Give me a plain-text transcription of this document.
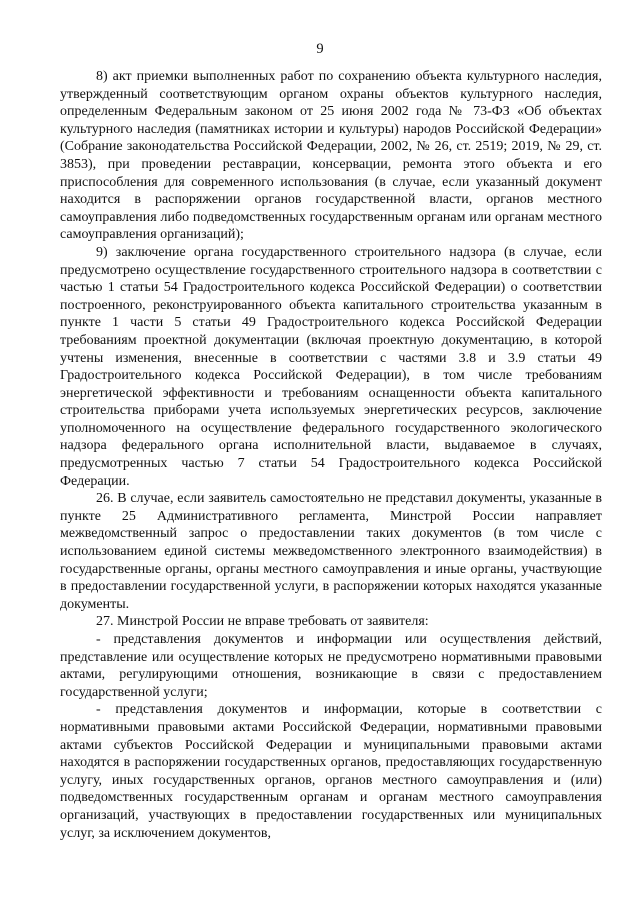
9

8) акт приемки выполненных работ по сохранению объекта культурного наследия, утвержденный соответствующим органом охраны объектов культурного наследия, определенным Федеральным законом от 25 июня 2002 года № 73-ФЗ «Об объектах культурного наследия (памятниках истории и культуры) народов Российской Федерации» (Собрание законодательства Российской Федерации, 2002, № 26, ст. 2519; 2019, № 29, ст. 3853), при проведении реставрации, консервации, ремонта этого объекта и его приспособления для современного использования (в случае, если указанный документ находится в распоряжении органов государственной власти, органов местного самоуправления либо подведомственных государственным органам или органам местного самоуправления организаций);

9) заключение органа государственного строительного надзора (в случае, если предусмотрено осуществление государственного строительного надзора в соответствии с частью 1 статьи 54 Градостроительного кодекса Российской Федерации) о соответствии построенного, реконструированного объекта капитального строительства указанным в пункте 1 части 5 статьи 49 Градостроительного кодекса Российской Федерации требованиям проектной документации (включая проектную документацию, в которой учтены изменения, внесенные в соответствии с частями 3.8 и 3.9 статьи 49 Градостроительного кодекса Российской Федерации), в том числе требованиям энергетической эффективности и требованиям оснащенности объекта капитального строительства приборами учета используемых энергетических ресурсов, заключение уполномоченного на осуществление федерального государственного экологического надзора федерального органа исполнительной власти, выдаваемое в случаях, предусмотренных частью 7 статьи 54 Градостроительного кодекса Российской Федерации.

26. В случае, если заявитель самостоятельно не представил документы, указанные в пункте 25 Административного регламента, Минстрой России направляет межведомственный запрос о предоставлении таких документов (в том числе с использованием единой системы межведомственного электронного взаимодействия) в государственные органы, органы местного самоуправления и иные органы, участвующие в предоставлении государственной услуги, в распоряжении которых находятся указанные документы.

27. Минстрой России не вправе требовать от заявителя:

- представления документов и информации или осуществления действий, представление или осуществление которых не предусмотрено нормативными правовыми актами, регулирующими отношения, возникающие в связи с предоставлением государственной услуги;

- представления документов и информации, которые в соответствии с нормативными правовыми актами Российской Федерации, нормативными правовыми актами субъектов Российской Федерации и муниципальными правовыми актами находятся в распоряжении государственных органов, предоставляющих государственную услугу, иных государственных органов, органов местного самоуправления и (или) подведомственных государственным органам и органам местного самоуправления организаций, участвующих в предоставлении государственных или муниципальных услуг, за исключением документов,
